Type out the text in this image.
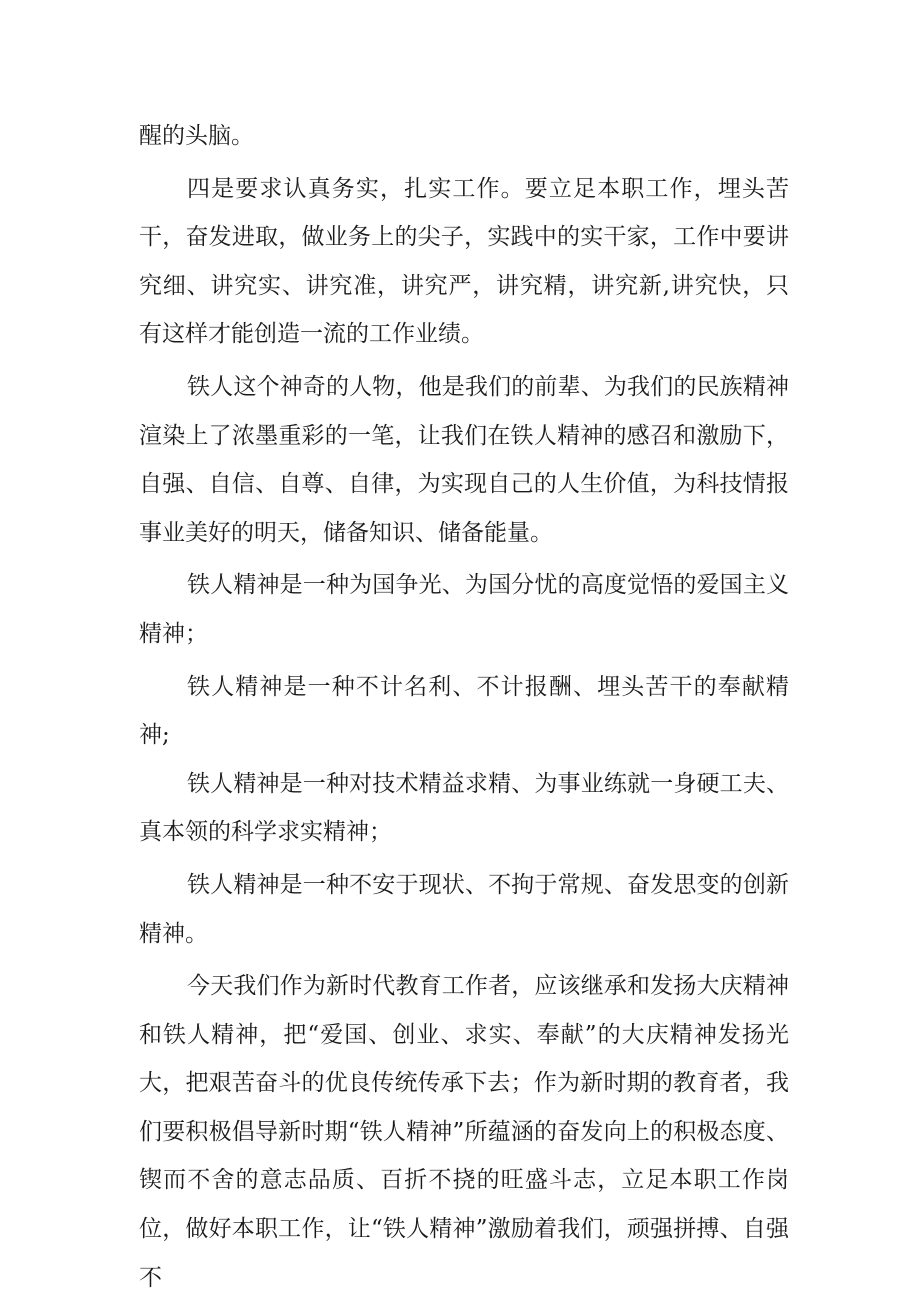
醒的头脑。

四是要求认真务实，扎实工作。要立足本职工作，埋头苦干，奋发进取，做业务上的尖子，实践中的实干家，工作中要讲究细、讲究实、讲究准，讲究严，讲究精，讲究新,讲究快，只有这样才能创造一流的工作业绩。

铁人这个神奇的人物，他是我们的前辈、为我们的民族精神渲染上了浓墨重彩的一笔，让我们在铁人精神的感召和激励下，自强、自信、自尊、自律，为实现自己的人生价值，为科技情报事业美好的明天，储备知识、储备能量。

铁人精神是一种为国争光、为国分忧的高度觉悟的爱国主义精神；

铁人精神是一种不计名利、不计报酬、埋头苦干的奉献精神;

铁人精神是一种对技术精益求精、为事业练就一身硬工夫、真本领的科学求实精神；

铁人精神是一种不安于现状、不拘于常规、奋发思变的创新精神。

今天我们作为新时代教育工作者，应该继承和发扬大庆精神和铁人精神，把“爱国、创业、求实、奉献”的大庆精神发扬光大，把艰苦奋斗的优良传统传承下去；作为新时期的教育者，我们要积极倡导新时期“铁人精神”所蕴涵的奋发向上的积极态度、锲而不舍的意志品质、百折不挠的旺盛斗志，立足本职工作岗位，做好本职工作，让“铁人精神”激励着我们，顽强拼搏、自强不
